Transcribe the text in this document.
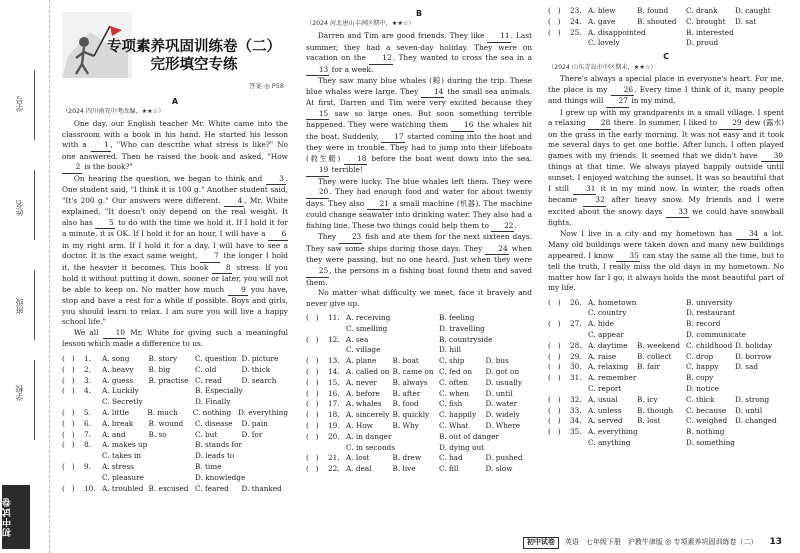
学号
姓名
班级
学校
初中试卷
专项素养巩固训练卷（二）
完形填空专练
答案 ◎ P58
A
（2024 四川南充中考改编，★★☆）

One day, our English teacher Mr. White came into the classroom with a book in his hand. He started his lesson with a 1 , "Who can describe what stress is like?" No one answered. Then he raised the book and asked, "How 2 is the book?"

On hearing the question, we began to think and 3 . One student said, "I think it is 100 g." Another student said, "It's 200 g." Our answers were different. 4 , Mr. White explained, "It doesn't only depend on the real weight. It also has 5 to do with the time we hold it. If I hold it for a minute, it is OK. If I hold it for an hour, I will have a 6 in my right arm. If I hold it for a day, I will have to see a doctor. It is the exact same weight, 7 the longer I hold it, the heavier it becomes. This book 8 stress. If you hold it without putting it down, sooner or later, you will not be able to keep on. No matter how much 9 you have, stop and have a rest for a while if possible. Boys and girls, you should learn to relax. I am sure you will live a happy school life."

We all 10 Mr. White for giving such a meaningful lesson which made a difference to us.

(   )	1.	A. song	B. story	C. question D. picture
(   )	2.	A. heavy	B. big	C. old	D. thick
(   )	3.	A. guess	B. practise C. read	D. search
(   )	4.	A. Luckily	B. Especially
C. Secretly	D. Finally
(   )	5.	A. little	B. much	C. nothing D. everything
(   )	6.	A. break	B. wound	C. disease	D. pain
(   )	7.	A. and	B. so	C. but	D. for
(   )	8.	A. makes up	B. stands for
C. takes in	D. leads to
(   )	9.	A. stress	B. time
C. pleasure	D. knowledge
(   )	10. A. troubled B. excused C. feared	D. thanked
B
（2024 河北唐山丰润区期中，★★☆）

Darren and Tim are good friends. They like 11. Last summer, they had a seven-day holiday. They were on vacation on the 12. They wanted to cross the sea in a 13 for a week.

They saw many blue whales (鲸) during the trip. These blue whales were large. They 14 the small sea animals. At first, Darren and Tim were very excited because they 15 saw so large ones. But soon something terrible happened. They were watching them 16 the whales hit the boat. Suddenly, 17 started coming into the boat and they were in trouble. They had to jump into their lifeboats (救生艇) 18 before the boat went down into the sea. 19 terrible!

They were lucky. The blue whales left them. They were 20. They had enough food and water for about twenty days. They also 21 a small machine (机器). The machine could change seawater into drinking water. They also had a fishing line. These two things could help them to 22.

They 23 fish and ate them for the next sixteen days. They saw some ships during those days. They 24 when they were passing, but no one heard. Just when they were 25, the persons in a fishing boat found them and saved them.

No matter what difficulty we meet, face it bravely and never give up.

(   )	11. A. receiving	B. feeling
C. smelling	D. travelling
(   )	12. A. sea	B. countryside
C. village	D. hill
(   )	13. A. plane	B. boat	C. ship	D. bus
(   )	14. A. called on B. came on C. fed on	D. got on
(   )	15. A. never	B. always	C. often	D. usually
(   )	16. A. before	B. after	C. when	D. until
(   )	17. A. whales	B. food	C. fish	D. water
(   )	18. A. sincerely B. quickly	C. happily	D. widely
(   )	19. A. How	B. Why	C. What	D. Where
(   )	20. A. in danger	B. out of danger
C. in seconds	D. dying out
(   )	21. A. lost	B. drew	C. had	D. pushed
(   )	22. A. deal	B. live	C. fill	D. slow
(   )	23. A. blew	B. found	C. drank	D. caught
(   )	24. A. gave	B. shouted	C. brought	D. sat
(   )	25. A. disappointed	B. interested
C. lovely	D. proud
C
（2024 山东青岛市中区期末，★★☆）

There's always a special place in everyone's heart. For me, the place is my 26. Every time I think of it, many people and things will 27 in my mind.

I grew up with my grandparents in a small village. I spent a relaxing 28 there. In summer, I liked to 29 dew (露水) on the grass in the early morning. It was not easy and it took me several days to get one bottle. After lunch, I often played games with my friends. It seemed that we didn't have 30 things at that time. We always played happily outside until sunset. I enjoyed watching the sunset. It was so beautiful that I still 31 it in my mind now. In winter, the roads often became 32 after heavy snow. My friends and I were excited about the snowy days 33 we could have snowball fights.

Now I live in a city and my hometown has 34 a lot. Many old buildings were taken down and many new buildings appeared. I know 35 can stay the same all the time, but to tell the truth, I really miss the old days in my hometown. No matter how far I go, it always holds the most beautiful part of my life.

(   )	26. A. hometown	B. university
C. country	D. restaurant
(   )	27. A. hide	B. record
C. appear	D. communicate
(   )	28. A. daytime	B. weekend C. childhood D. holiday
(   )	29. A. raise	B. collect	C. drop	D. borrow
(   )	30. A. relaxing	B. fair	C. happy	D. sad
(   )	31. A. remember	B. copy
C. report	D. notice
(   )	32. A. usual	B. icy	C. thick	D. strong
(   )	33. A. unless	B. though	C. because	D. until
(   )	34. A. served	B. lost	C. weighed	D. changed
(   )	35. A. everything	B. nothing
C. anything	D. something
初中试卷	英语　七年级下册　沪教牛津版 ◎ 专项素养巩固训练卷（二） 13
